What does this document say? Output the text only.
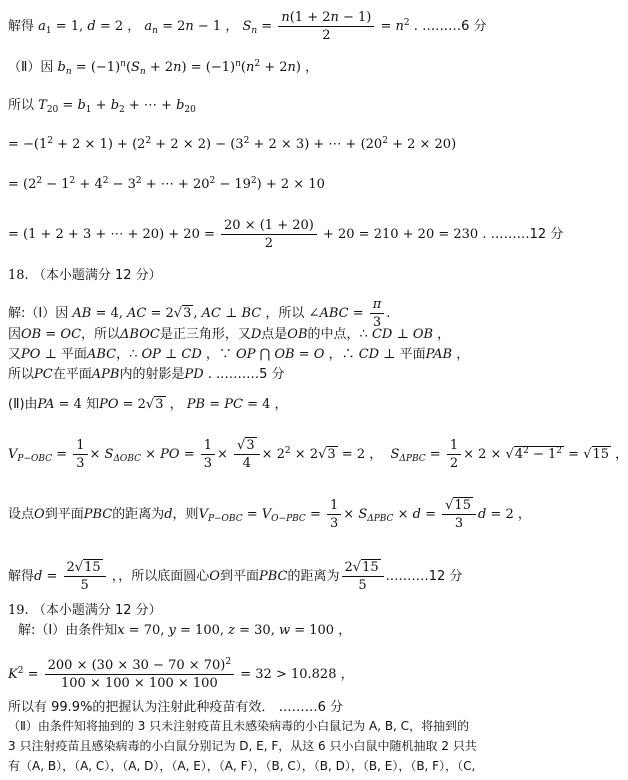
解得 $a_1 = 1$, d = 2 ， $a_n = 2n - 1$ ， $S_n = \frac{n(1 + 2n - 1)}{2} = n^2$ . ………6 分
（Ⅱ）因 $b_n = (-1)^n(S_n + 2n) = (-1)^n(n^2 + 2n)$ ，
所以 $T_{20} = b_1 + b_2$ + ⋯ + $b_{20}$
= $-(1^2 + 2 \times 1) + (2^2 + 2 \times 2) - (3^2 + 2 \times 3)$ + ⋯ + $(20^2 + 2 \times 20)$
= ($2^2 - 1^2 + 4^2 - 3^2$ + ⋯ + $20^2 - 19^2) + 2 \times 10$
= (1 + 2 + 3 + ⋯ + $20) + 20 = \frac{20 \times (1 + 20)}{2} + 20 = 210 + 20 = 230$ . ………12 分
18. （本小题满分 12 分）
解:（Ⅰ）因 AB = 4, AC = 2√3 , AC ⊥ BC ，所以 ∠ABC = $\frac{\pi}{3}$ .
因OB = OC，所以ΔBOC是正三角形，又D点是OB的中点，∴ CD ⊥ OB ，
又PO ⊥ 平面ABC，∴ OP ⊥ CD ，∵ OP ⋂ OB = O ，∴ CD ⊥ 平面PAB ，
所以PC在平面APB内的射影是PD . .………5 分
(Ⅱ)由PA = 4 知PO = 2√3 ， PB = PC = 4 ，
$V_{P-OBC} = \frac{1}{3} \times S_{\Delta OBC}$ × PO = $\frac{1}{3} \times \frac{√3}{4} \times 2^2 \times 2√3 = 2$ ，  $S_{\Delta PBC} = \frac{1}{2} \times 2 \times √4^2 - 1^2 = √15$ ，
设点O到平面PBC的距离为d，则$V_{P-OBC} = V_{O-PBC} = \frac{1}{3} \times S_{\Delta PBC} \times d = \frac{√15}{3}$ d = 2 ，
解得$d = \frac{2√15}{5}$ ，，所以底面圆心O到平面PBC的距离为 $\frac{2√15}{5}$ .………12 分
19. （本小题满分 12 分）
解:（Ⅰ）由条件知x = 70, y = 100, z = 30, w = 100 ，
$K^2 = \frac{200 \times (30 \times 30 - 70 \times 70)^2}{100 \times 100 \times 100 \times 100} = 32 > 10.828$ ，
所以有 99.9%的把握认为注射此种疫苗有效． ………6 分
（Ⅱ）由条件知将抽到的 3 只未注射疫苗且未感染病毒的小白鼠记为 A, B, C，将抽到的
3 只注射疫苗且感染病毒的小白鼠分别记为 D, E, F，从这 6 只小白鼠中随机抽取 2 只共
有（A, B），（A, C），（A, D），（A, E），（A, F），（B, C），（B, D），（B, E），（B, F），（C,
